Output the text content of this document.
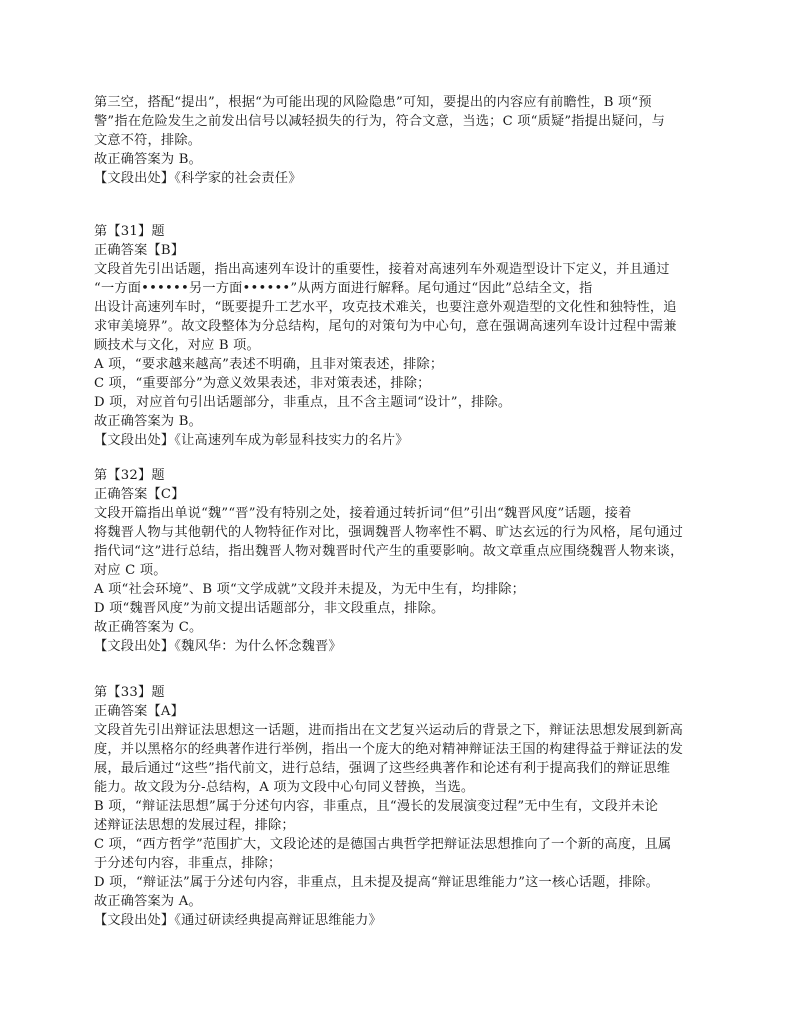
第三空，搭配“提出”，根据“为可能出现的风险隐患”可知，要提出的内容应有前瞻性，B 项“预
警”指在危险发生之前发出信号以减轻损失的行为，符合文意，当选；C 项“质疑”指提出疑问，与
文意不符，排除。
故正确答案为 B。
【文段出处】《科学家的社会责任》
第【31】题
正确答案【B】
文段首先引出话题，指出高速列车设计的重要性，接着对高速列车外观造型设计下定义，并且通过
“一方面••••••另一方面••••••”从两方面进行解释。尾句通过“因此”总结全文，指
出设计高速列车时，“既要提升工艺水平，攻克技术难关，也要注意外观造型的文化性和独特性，追
求审美境界”。故文段整体为分总结构，尾句的对策句为中心句，意在强调高速列车设计过程中需兼
顾技术与文化，对应 B 项。
A 项，“要求越来越高”表述不明确，且非对策表述，排除；
C 项，“重要部分”为意义效果表述，非对策表述，排除；
D 项，对应首句引出话题部分，非重点，且不含主题词“设计”，排除。
故正确答案为 B。
【文段出处】《让高速列车成为彰显科技实力的名片》
第【32】题
正确答案【C】
文段开篇指出单说“魏”“晋”没有特别之处，接着通过转折词“但”引出“魏晋风度”话题，接着
将魏晋人物与其他朝代的人物特征作对比，强调魏晋人物率性不羁、旷达玄远的行为风格，尾句通过
指代词“这”进行总结，指出魏晋人物对魏晋时代产生的重要影响。故文章重点应围绕魏晋人物来谈，
对应 C 项。
A 项“社会环境”、B 项“文学成就”文段并未提及，为无中生有，均排除；
D 项“魏晋风度”为前文提出话题部分，非文段重点，排除。
故正确答案为 C。
【文段出处】《魏风华：为什么怀念魏晋》
第【33】题
正确答案【A】
文段首先引出辩证法思想这一话题，进而指出在文艺复兴运动后的背景之下，辩证法思想发展到新高
度，并以黑格尔的经典著作进行举例，指出一个庞大的绝对精神辩证法王国的构建得益于辩证法的发
展，最后通过“这些”指代前文，进行总结，强调了这些经典著作和论述有利于提高我们的辩证思维
能力。故文段为分-总结构，A 项为文段中心句同义替换，当选。
B 项，“辩证法思想”属于分述句内容，非重点，且“漫长的发展演变过程”无中生有，文段并未论
述辩证法思想的发展过程，排除；
C 项，“西方哲学”范围扩大，文段论述的是德国古典哲学把辩证法思想推向了一个新的高度，且属
于分述句内容，非重点，排除；
D 项，“辩证法”属于分述句内容，非重点，且未提及提高“辩证思维能力”这一核心话题，排除。
故正确答案为 A。
【文段出处】《通过研读经典提高辩证思维能力》
